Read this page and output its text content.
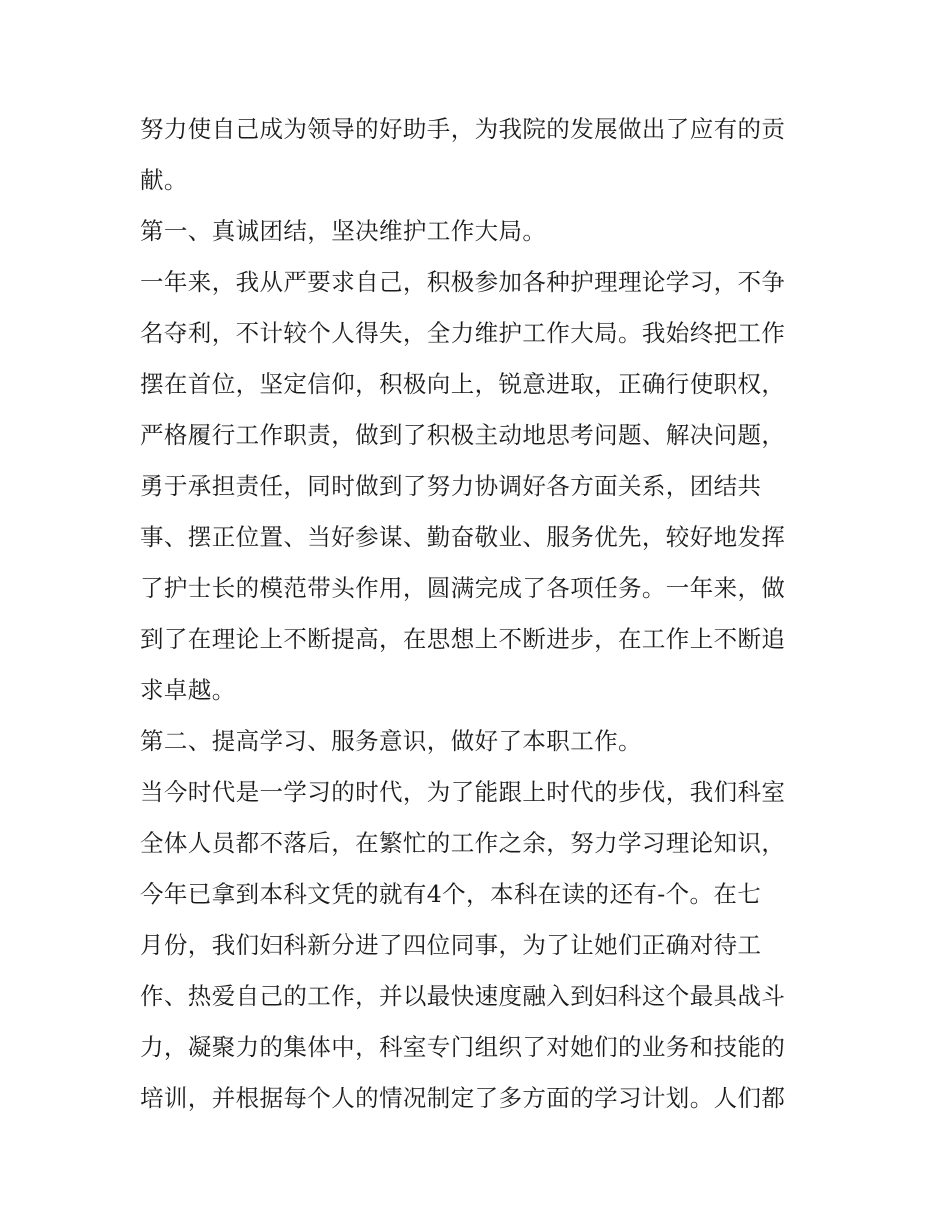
努力使自己成为领导的好助手，为我院的发展做出了应有的贡
献。
第一、真诚团结，坚决维护工作大局。
一年来，我从严要求自己，积极参加各种护理理论学习，不争
名夺利，不计较个人得失，全力维护工作大局。我始终把工作
摆在首位，坚定信仰，积极向上，锐意进取，正确行使职权，
严格履行工作职责，做到了积极主动地思考问题、解决问题，
勇于承担责任，同时做到了努力协调好各方面关系，团结共
事、摆正位置、当好参谋、勤奋敬业、服务优先，较好地发挥
了护士长的模范带头作用，圆满完成了各项任务。一年来，做
到了在理论上不断提高，在思想上不断进步，在工作上不断追
求卓越。
第二、提高学习、服务意识，做好了本职工作。
当今时代是一学习的时代，为了能跟上时代的步伐，我们科室
全体人员都不落后，在繁忙的工作之余，努力学习理论知识，
今年已拿到本科文凭的就有4个，本科在读的还有-个。在七
月份，我们妇科新分进了四位同事，为了让她们正确对待工
作、热爱自己的工作，并以最快速度融入到妇科这个最具战斗
力，凝聚力的集体中，科室专门组织了对她们的业务和技能的
培训，并根据每个人的情况制定了多方面的学习计划。人们都
